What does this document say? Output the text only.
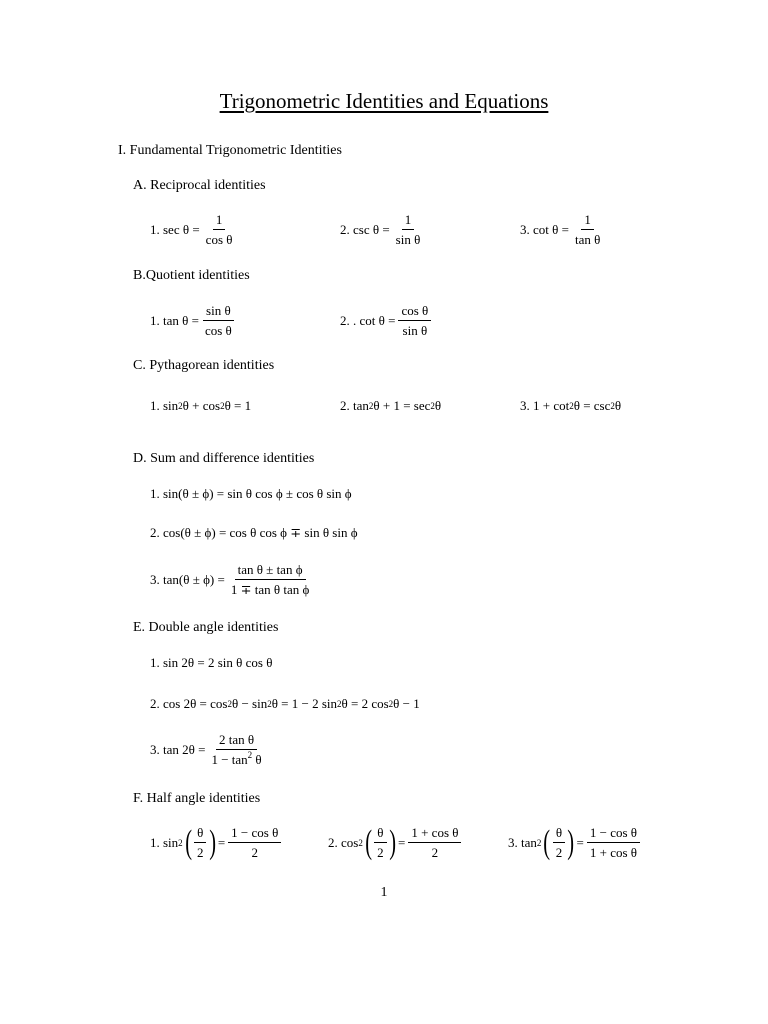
Trigonometric Identities and Equations
I. Fundamental Trigonometric Identities
A. Reciprocal identities
1. $\sec \theta = \frac{1}{\text{cos θ}}$	2. $\csc \theta = \frac{1}{\text{sin θ}}$	3. $\cot \theta = \frac{1}{\text{tan θ}}$
B.Quotient identities
1. $\tan \theta = \frac{\text{sin θ}}{\text{cos θ}}$	2. . $\cot \theta = \frac{\text{cos θ}}{\text{sin θ}}$
C. Pythagorean identities
1. sin 2 θ + cos 2 θ = 1	2. tan 2 θ + 1 = sec 2 θ	3. 1 + cot 2 θ = csc 2 θ
D. Sum and difference identities
1. sin(θ ± ϕ) = sin θ cos ϕ ± cos θ sin ϕ
2. cos(θ ± ϕ) = cos θ cos ϕ ∓ sin θ sin ϕ
3. $\tan(\theta \pm \phi) = \frac{\text{tan θ ± tan ϕ}}{\text{1 ∓ tan θ tan ϕ}}$
E. Double angle identities
1. sin 2θ = 2 sin θ cos θ
2. cos 2θ = cos 2 θ − sin 2 θ = 1 − 2 sin 2 θ = 2 cos 2 θ − 1
3. $\tan 2\theta = \frac{\text{2 tan θ}}{1 - \tan^2 \theta}$
F. Half angle identities
1. sin 2 ( $\frac{\theta}{2}$ ) = $\frac{\text{1 − cos θ}}{2}$	2. cos 2 ( $\frac{\theta}{2}$ ) = $\frac{\text{1 + cos θ}}{2}$	3. tan 2 ( $\frac{\theta}{2}$ ) = $\frac{\text{1 − cos θ}}{\text{1 + cos θ}}$
1
